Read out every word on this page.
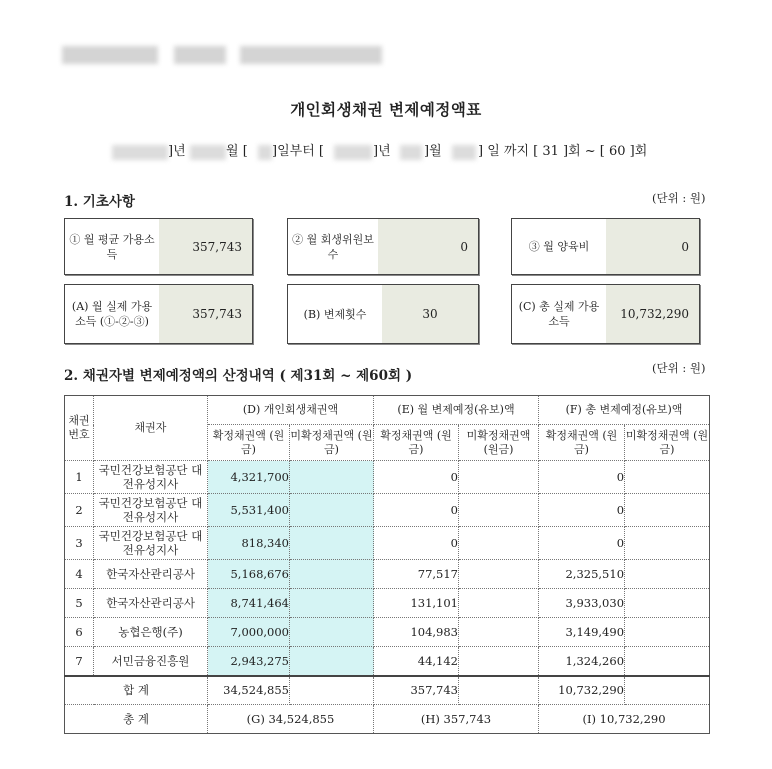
개인회생채권 변제예정액표
]년	월 [ ]일부터 [	]년	]월	] 일 까지 [ 31 ]회 ~ [ 60 ]회
1. 기초사항	(단위 : 원)
① 월 평균 가용소득
357,743
② 월 회생위원보수
0	③ 월 양육비	0
(A) 월 실제 가용소득 (①-②-③)
357,743	(B) 변제횟수	30
(C) 총 실제 가용소득
10,732,290
2. 채권자별 변제예정액의 산정내역 ( 제31회 ~ 제60회 )	(단위 : 원)
채권 번호	채권자	(D) 개인회생채권액		(E) 월 변제예정(유보)액		(F) 총 변제예정(유보)액	
		확정채권액 (원금)	미확정채권액 (원금)	확정채권액 (원금)	미확정채권액 (원금)	확정채권액 (원금)	미확정채권액 (원금)
1	국민건강보험공단 대전유성지사	4,321,700		0		0	
2	국민건강보험공단 대전유성지사	5,531,400		0		0	
3	국민건강보험공단 대전유성지사	818,340		0		0	
4	한국자산관리공사	5,168,676		77,517		2,325,510	
5	한국자산관리공사	8,741,464		131,101		3,933,030	
6	농협은행(주)	7,000,000		104,983		3,149,490	
7	서민금융진흥원	2,943,275		44,142		1,324,260	
합 계		34,524,855		357,743		10,732,290	
총 계		(G) 34,524,855		(H) 357,743		(I) 10,732,290	
